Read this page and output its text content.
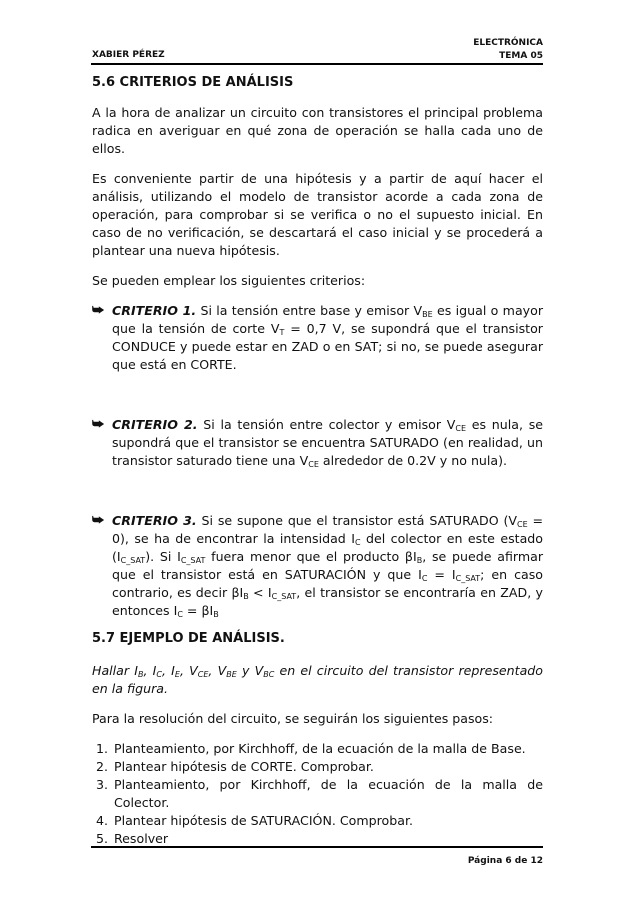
ELECTRÓNICA
TEMA 05
XABIER PÉREZ
5.6 CRITERIOS DE ANÁLISIS

A la hora de analizar un circuito con transistores el principal problema radica en averiguar en qué zona de operación se halla cada uno de ellos.

Es conveniente partir de una hipótesis y a partir de aquí hacer el análisis, utilizando el modelo de transistor acorde a cada zona de operación, para comprobar si se verifica o no el supuesto inicial. En caso de no verificación, se descartará el caso inicial y se procederá a plantear una nueva hipótesis.

Se pueden emplear los siguientes criterios:

⮩ CRITERIO 1. Si la tensión entre base y emisor $V_{BE}$ es igual o mayor que la tensión de corte $V_T = 0,7$ V, se supondrá que el transistor CONDUCE y puede estar en ZAD o en SAT; si no, se puede asegurar que está en CORTE.
⮩ CRITERIO 2. Si la tensión entre colector y emisor $V_{CE}$ es nula, se supondrá que el transistor se encuentra SATURADO (en realidad, un transistor saturado tiene una $V_{CE}$ alrededor de 0.2V y no nula).
⮩ CRITERIO 3. Si se supone que el transistor está SATURADO $(V_{CE} = 0)$, se ha de encontrar la intensidad $I_C$ del colector en este estado $(I_{C\_SAT})$. Si $I_{C\_SAT}$ fuera menor que el producto $\beta I_B$, se puede afirmar que el transistor está en SATURACIÓN y que $I_C = I_{C\_SAT}$; en caso contrario, es decir $\beta I_B < I_{C\_SAT}$, el transistor se encontraría en ZAD, y entonces $I_C = \beta I_B$
5.7 EJEMPLO DE ANÁLISIS.

Hallar $I_B$, $I_C$, $I_E$, $V_{CE}$, $V_{BE}$ y $V_{BC}$ en el circuito del transistor representado en la figura.

Para la resolución del circuito, se seguirán los siguientes pasos:

1. Planteamiento, por Kirchhoff, de la ecuación de la malla de Base.
2. Plantear hipótesis de CORTE. Comprobar.
3. Planteamiento, por Kirchhoff, de la ecuación de la malla de Colector.
4. Plantear hipótesis de SATURACIÓN. Comprobar.
5. Resolver
Página 6 de 12
